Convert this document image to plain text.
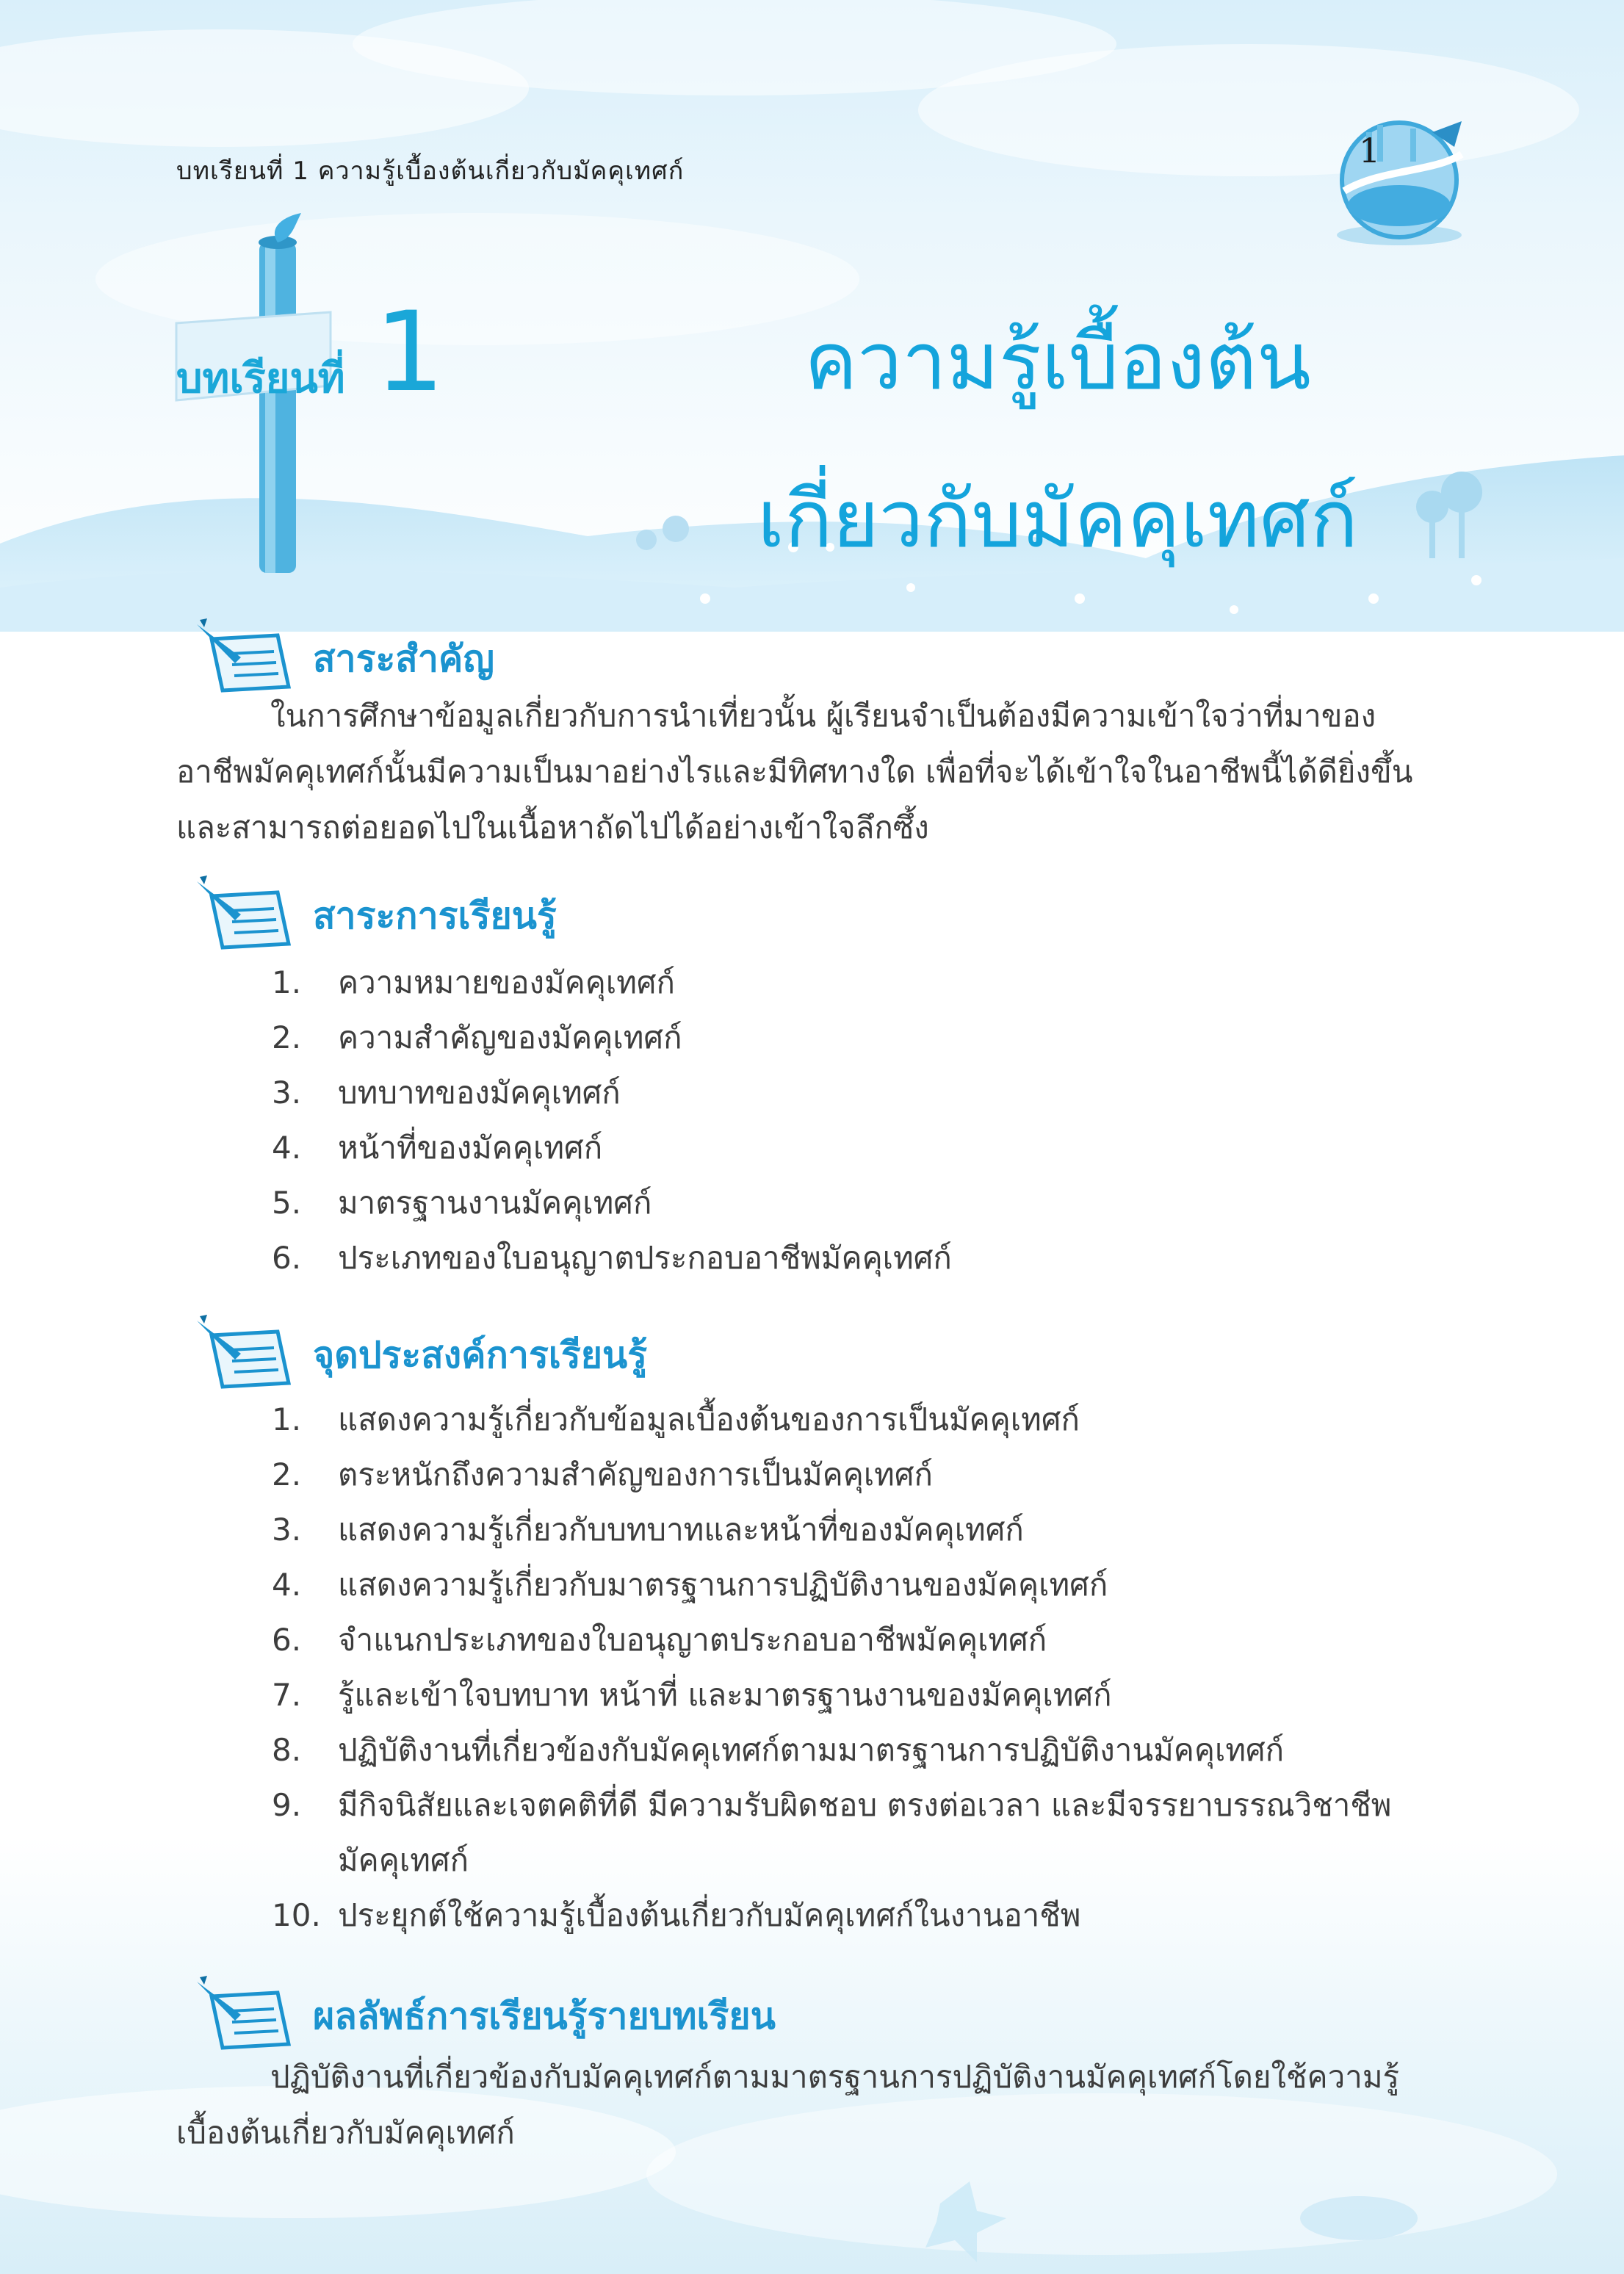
บทเรียนที่ 1 ความรู้เบื้องต้นเกี่ยวกับมัคคุเทศก์
1
บทเรียนที่ 1	ความรู้เบื้องต้น
เกี่ยวกับมัคคุเทศก์
สาระสำคัญ

ในการศึกษาข้อมูลเกี่ยวกับการนำเที่ยวนั้น ผู้เรียนจำเป็นต้องมีความเข้าใจว่าที่มาของอาชีพมัคคุเทศก์นั้นมีความเป็นมาอย่างไรและมีทิศทางใด เพื่อที่จะได้เข้าใจในอาชีพนี้ได้ดียิ่งขึ้น และสามารถต่อยอดไปในเนื้อหาถัดไปได้อย่างเข้าใจลึกซึ้ง

สาระการเรียนรู้
1.	ความหมายของมัคคุเทศก์
2.	ความสำคัญของมัคคุเทศก์
3.	บทบาทของมัคคุเทศก์
4.	หน้าที่ของมัคคุเทศก์
5.	มาตรฐานงานมัคคุเทศก์
6.	ประเภทของใบอนุญาตประกอบอาชีพมัคคุเทศก์
จุดประสงค์การเรียนรู้
1.	แสดงความรู้เกี่ยวกับข้อมูลเบื้องต้นของการเป็นมัคคุเทศก์
2.	ตระหนักถึงความสำคัญของการเป็นมัคคุเทศก์
3.	แสดงความรู้เกี่ยวกับบทบาทและหน้าที่ของมัคคุเทศก์
4.	แสดงความรู้เกี่ยวกับมาตรฐานการปฏิบัติงานของมัคคุเทศก์
6.	จำแนกประเภทของใบอนุญาตประกอบอาชีพมัคคุเทศก์
7.	รู้และเข้าใจบทบาท หน้าที่ และมาตรฐานงานของมัคคุเทศก์
8.	ปฏิบัติงานที่เกี่ยวข้องกับมัคคุเทศก์ตามมาตรฐานการปฏิบัติงานมัคคุเทศก์
9.	มีกิจนิสัยและเจตคติที่ดี มีความรับผิดชอบ ตรงต่อเวลา และมีจรรยาบรรณวิชาชีพมัคคุเทศก์
10. ประยุกต์ใช้ความรู้เบื้องต้นเกี่ยวกับมัคคุเทศก์ในงานอาชีพ
ผลลัพธ์การเรียนรู้รายบทเรียน

ปฏิบัติงานที่เกี่ยวข้องกับมัคคุเทศก์ตามมาตรฐานการปฏิบัติงานมัคคุเทศก์โดยใช้ความรู้เบื้องต้นเกี่ยวกับมัคคุเทศก์
